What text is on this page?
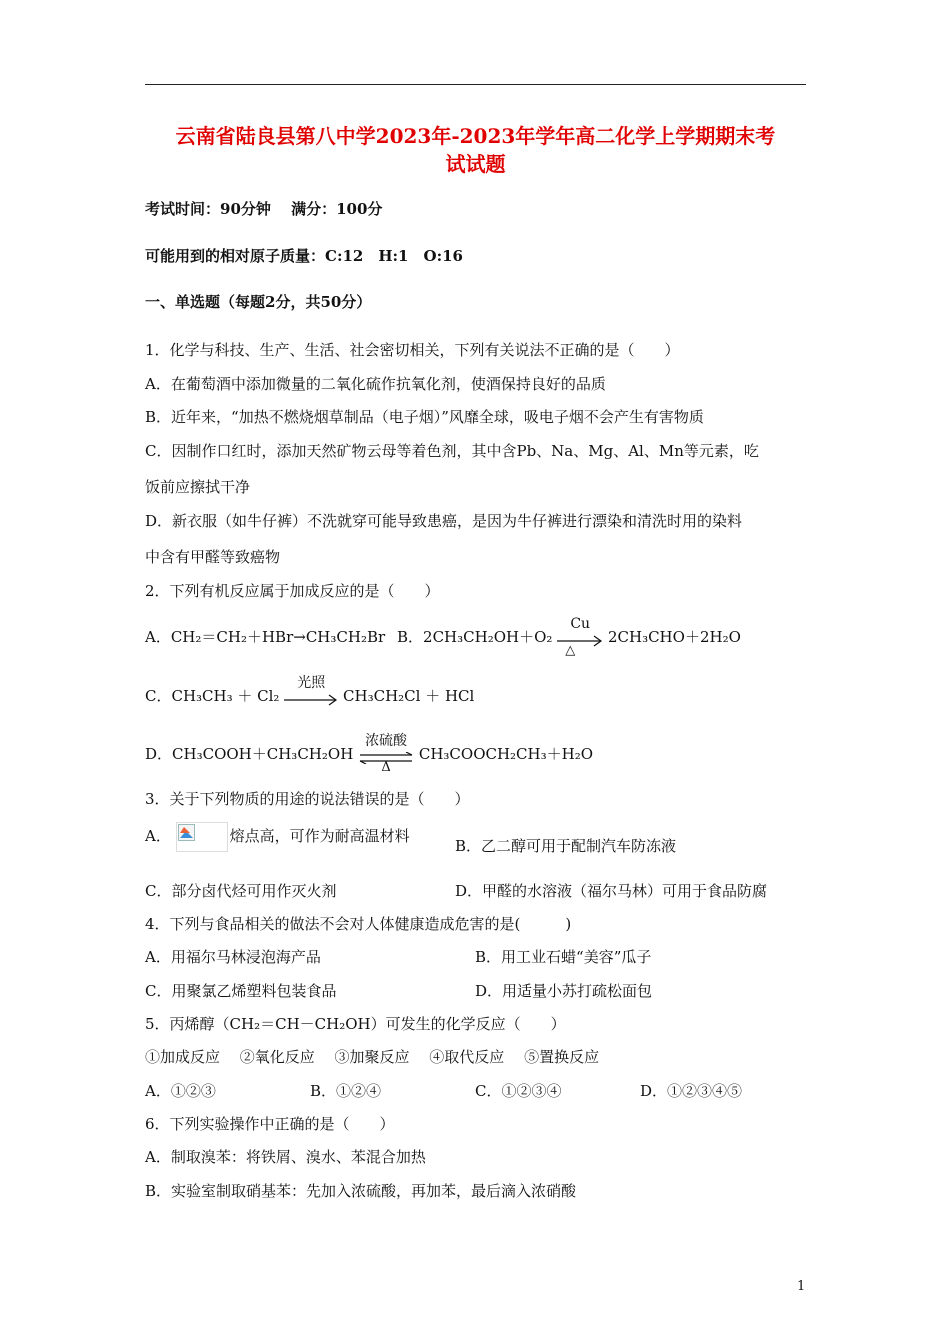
云南省陆良县第八中学2023年-2023年学年高二化学上学期期末考
试试题
考试时间：90分钟　 满分：100分
可能用到的相对原子质量：C:12　H:1　O:16
一、单选题（每题2分，共50分）
1．化学与科技、生产、生活、社会密切相关，下列有关说法不正确的是（　　）
A．在葡萄酒中添加微量的二氧化硫作抗氧化剂，使酒保持良好的品质
B．近年来，“加热不燃烧烟草制品（电子烟）”风靡全球，吸电子烟不会产生有害物质
C．因制作口红时，添加天然矿物云母等着色剂，其中含Pb、Na、Mg、Al、Mn等元素，吃
饭前应擦拭干净
D．新衣服（如牛仔裤）不洗就穿可能导致患癌，是因为牛仔裤进行漂染和清洗时用的染料
中含有甲醛等致癌物
2．下列有机反应属于加成反应的是（　　）
A．CH₂＝CH₂＋HBr→CH₃CH₂Br B．2CH₃CH₂OH＋O₂
Cu
△
2CH₃CHO＋2H₂O
C．CH₃CH₃ ＋ Cl₂
光照
CH₃CH₂Cl ＋ HCl
D．CH₃COOH＋CH₃CH₂OH
浓硫酸
Δ
CH₃COOCH₂CH₃＋H₂O
3．关于下列物质的用途的说法错误的是（　　）
A．	熔点高，可作为耐高温材料
B．乙二醇可用于配制汽车防冻液
C．部分卤代烃可用作灭火剂	D．甲醛的水溶液（福尔马林）可用于食品防腐
4．下列与食品相关的做法不会对人体健康造成危害的是(　　　)
A．用福尔马林浸泡海产品	B．用工业石蜡“美容”瓜子
C．用聚氯乙烯塑料包装食品	D．用适量小苏打疏松面包
5．丙烯醇（CH₂＝CH－CH₂OH）可发生的化学反应（　　）
①加成反应　 ②氧化反应　 ③加聚反应　 ④取代反应　 ⑤置换反应
A．①②③	B．①②④	C．①②③④	D．①②③④⑤
6．下列实验操作中正确的是（　　）
A．制取溴苯：将铁屑、溴水、苯混合加热
B．实验室制取硝基苯：先加入浓硫酸，再加苯，最后滴入浓硝酸
1
